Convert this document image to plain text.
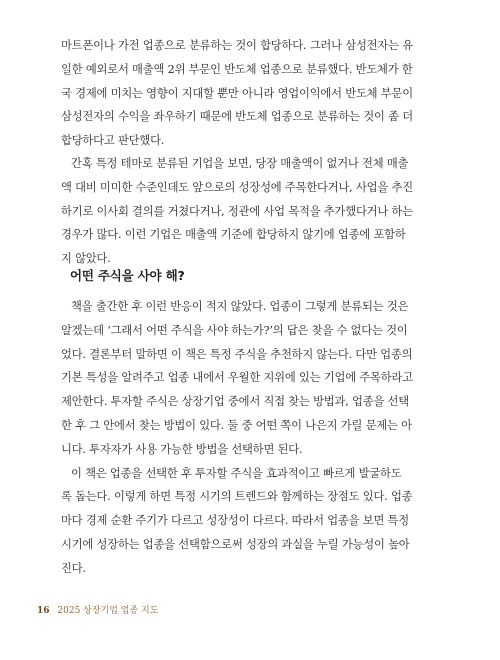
마트폰이나 가전 업종으로 분류하는 것이 합당하다. 그러나 삼성전자는 유
일한 예외로서 매출액 2위 부문인 반도체 업종으로 분류했다. 반도체가 한
국 경제에 미치는 영향이 지대할 뿐만 아니라 영업이익에서 반도체 부문이
삼성전자의 수익을 좌우하기 때문에 반도체 업종으로 분류하는 것이 좀 더
합당하다고 판단했다.
간혹 특정 테마로 분류된 기업을 보면, 당장 매출액이 없거나 전체 매출
액 대비 미미한 수준인데도 앞으로의 성장성에 주목한다거나, 사업을 추진
하기로 이사회 결의를 거쳤다거나, 정관에 사업 목적을 추가했다거나 하는
경우가 많다. 이런 기업은 매출액 기준에 합당하지 않기에 업종에 포함하
지 않았다.
어떤 주식을 사야 해?
책을 출간한 후 이런 반응이 적지 않았다. 업종이 그렇게 분류되는 것은
알겠는데 ‘그래서 어떤 주식을 사야 하는가?’의 답은 찾을 수 없다는 것이
었다. 결론부터 말하면 이 책은 특정 주식을 추천하지 않는다. 다만 업종의
기본 특성을 알려주고 업종 내에서 우월한 지위에 있는 기업에 주목하라고
제안한다. 투자할 주식은 상장기업 중에서 직접 찾는 방법과, 업종을 선택
한 후 그 안에서 찾는 방법이 있다. 둘 중 어떤 쪽이 나은지 가릴 문제는 아
니다. 투자자가 사용 가능한 방법을 선택하면 된다.
이 책은 업종을 선택한 후 투자할 주식을 효과적이고 빠르게 발굴하도
록 돕는다. 이렇게 하면 특정 시기의 트렌드와 함께하는 장점도 있다. 업종
마다 경제 순환 주기가 다르고 성장성이 다르다. 따라서 업종을 보면 특정
시기에 성장하는 업종을 선택함으로써 성장의 과실을 누릴 가능성이 높아
진다.
16 2025 상장기업 업종 지도
